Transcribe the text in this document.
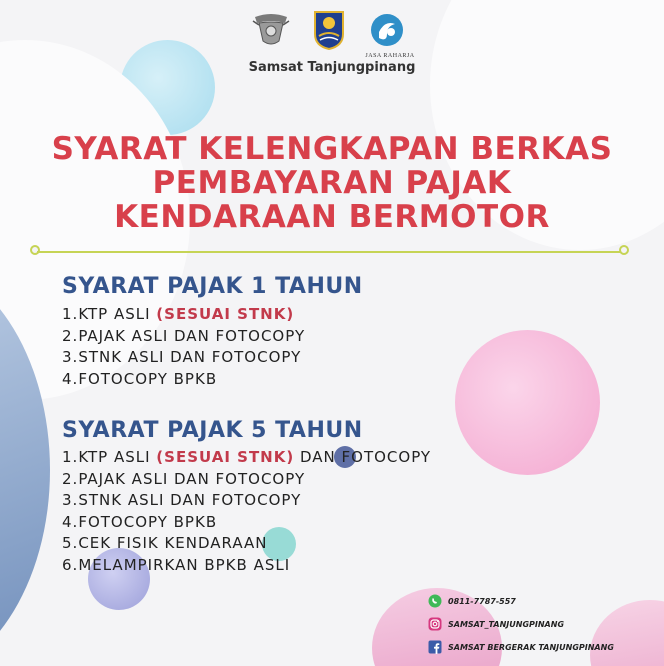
JASA RAHARJA
Samsat Tanjungpinang
SYARAT KELENGKAPAN BERKAS
PEMBAYARAN PAJAK
KENDARAAN BERMOTOR
SYARAT PAJAK 1 TAHUN
1.KTP ASLI (SESUAI STNK)
2.PAJAK ASLI DAN FOTOCOPY
3.STNK ASLI DAN FOTOCOPY
4.FOTOCOPY BPKB
SYARAT PAJAK 5 TAHUN
1.KTP ASLI (SESUAI STNK) DAN FOTOCOPY
2.PAJAK ASLI DAN FOTOCOPY
3.STNK ASLI DAN FOTOCOPY
4.FOTOCOPY BPKB
5.CEK FISIK KENDARAAN
6.MELAMPIRKAN BPKB ASLI
0811-7787-557
SAMSAT_TANJUNGPINANG
SAMSAT BERGERAK TANJUNGPINANG
